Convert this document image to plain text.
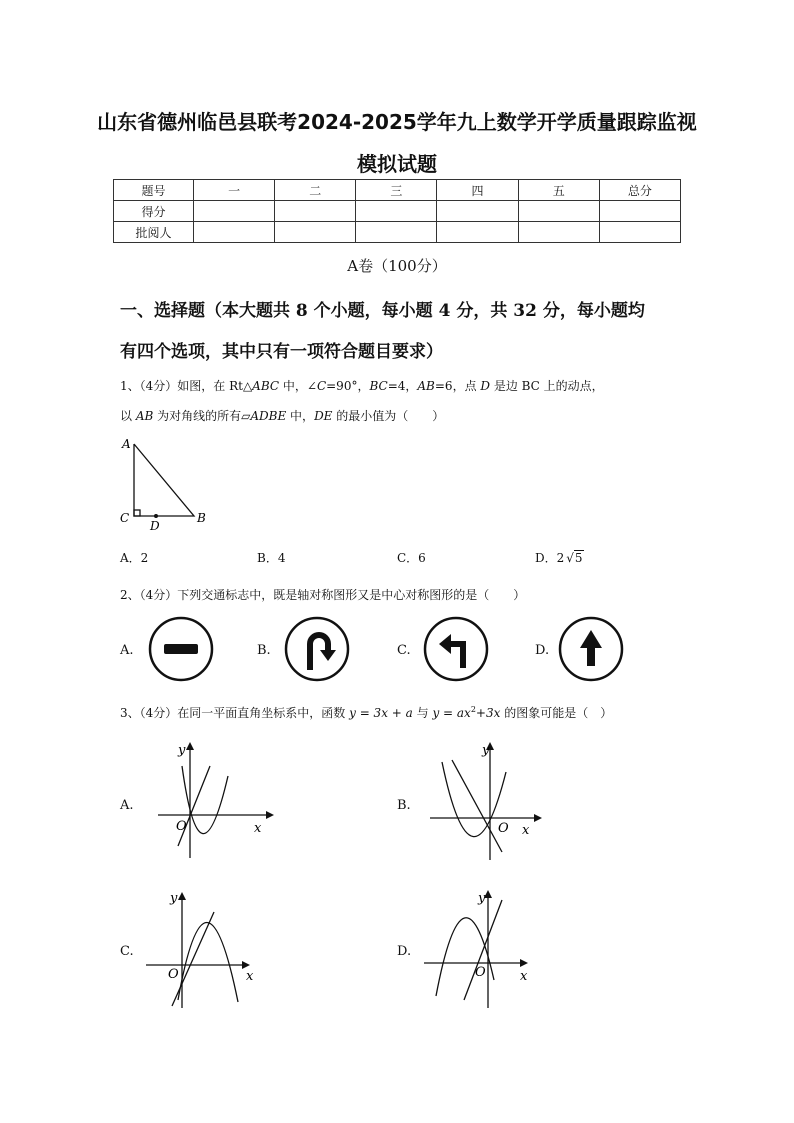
山东省德州临邑县联考2024-2025学年九上数学开学质量跟踪监视
模拟试题
题号	一	二	三	四	五	总分
得分						
批阅人						
A卷（100分）
一、选择题（本大题共 8 个小题，每小题 4 分，共 32 分，每小题均
有四个选项，其中只有一项符合题目要求）
1、（4分）如图，在 Rt△ABC 中，∠C=90°，BC=4，AB=6，点 D 是边 BC 上的动点，
以 AB 为对角线的所有▱ADBE 中，DE 的最小值为（　　）
A
C
D
B
A．2	B．4	C．6	D．2 √5
2、（4分）下列交通标志中，既是轴对称图形又是中心对称图形的是（　　）
A.	B.	C.	D.
3、（4分）在同一平面直角坐标系中，函数 y = 3x + a 与 $y = ax^2+3x$ 的图象可能是（　）
A.
y
O	x
B.
y
O x
C.
y
O	x
D.
y
O	x
